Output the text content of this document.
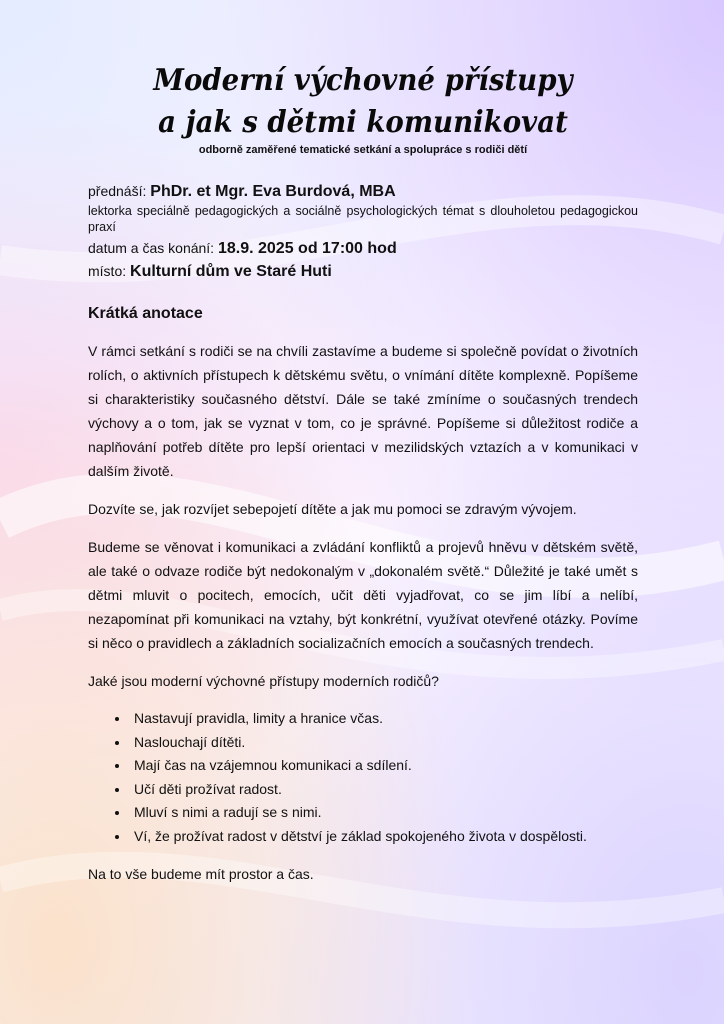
Moderní výchovné přístupy
a jak s dětmi komunikovat

odborně zaměřené tematické setkání a spolupráce s rodiči dětí

přednáší: PhDr. et Mgr. Eva Burdová, MBA

lektorka speciálně pedagogických a sociálně psychologických témat s dlouholetou pedagogickou praxí

datum a čas konání: 18.9. 2025 od 17:00 hod

místo: Kulturní dům ve Staré Huti

Krátká anotace

V rámci setkání s rodiči se na chvíli zastavíme a budeme si společně povídat o životních rolích, o aktivních přístupech k dětskému světu, o vnímání dítěte komplexně. Popíšeme si charakteristiky současného dětství. Dále se také zmíníme o současných trendech výchovy a o tom, jak se vyznat v tom, co je správné. Popíšeme si důležitost rodiče a naplňování potřeb dítěte pro lepší orientaci v mezilidských vztazích a v komunikaci v dalším životě.

Dozvíte se, jak rozvíjet sebepojetí dítěte a jak mu pomoci se zdravým vývojem.

Budeme se věnovat i komunikaci a zvládání konfliktů a projevů hněvu v dětském světě, ale také o odvaze rodiče být nedokonalým v „dokonalém světě.“ Důležité je také umět s dětmi mluvit o pocitech, emocích, učit děti vyjadřovat, co se jim líbí a nelíbí, nezapomínat při komunikaci na vztahy, být konkrétní, využívat otevřené otázky. Povíme si něco o pravidlech a základních socializačních emocích a současných trendech.

Jaké jsou moderní výchovné přístupy moderních rodičů?

• Nastavují pravidla, limity a hranice včas.
• Naslouchají dítěti.
• Mají čas na vzájemnou komunikaci a sdílení.
• Učí děti prožívat radost.
• Mluví s nimi a radují se s nimi.
• Ví, že prožívat radost v dětství je základ spokojeného života v dospělosti.

Na to vše budeme mít prostor a čas.
